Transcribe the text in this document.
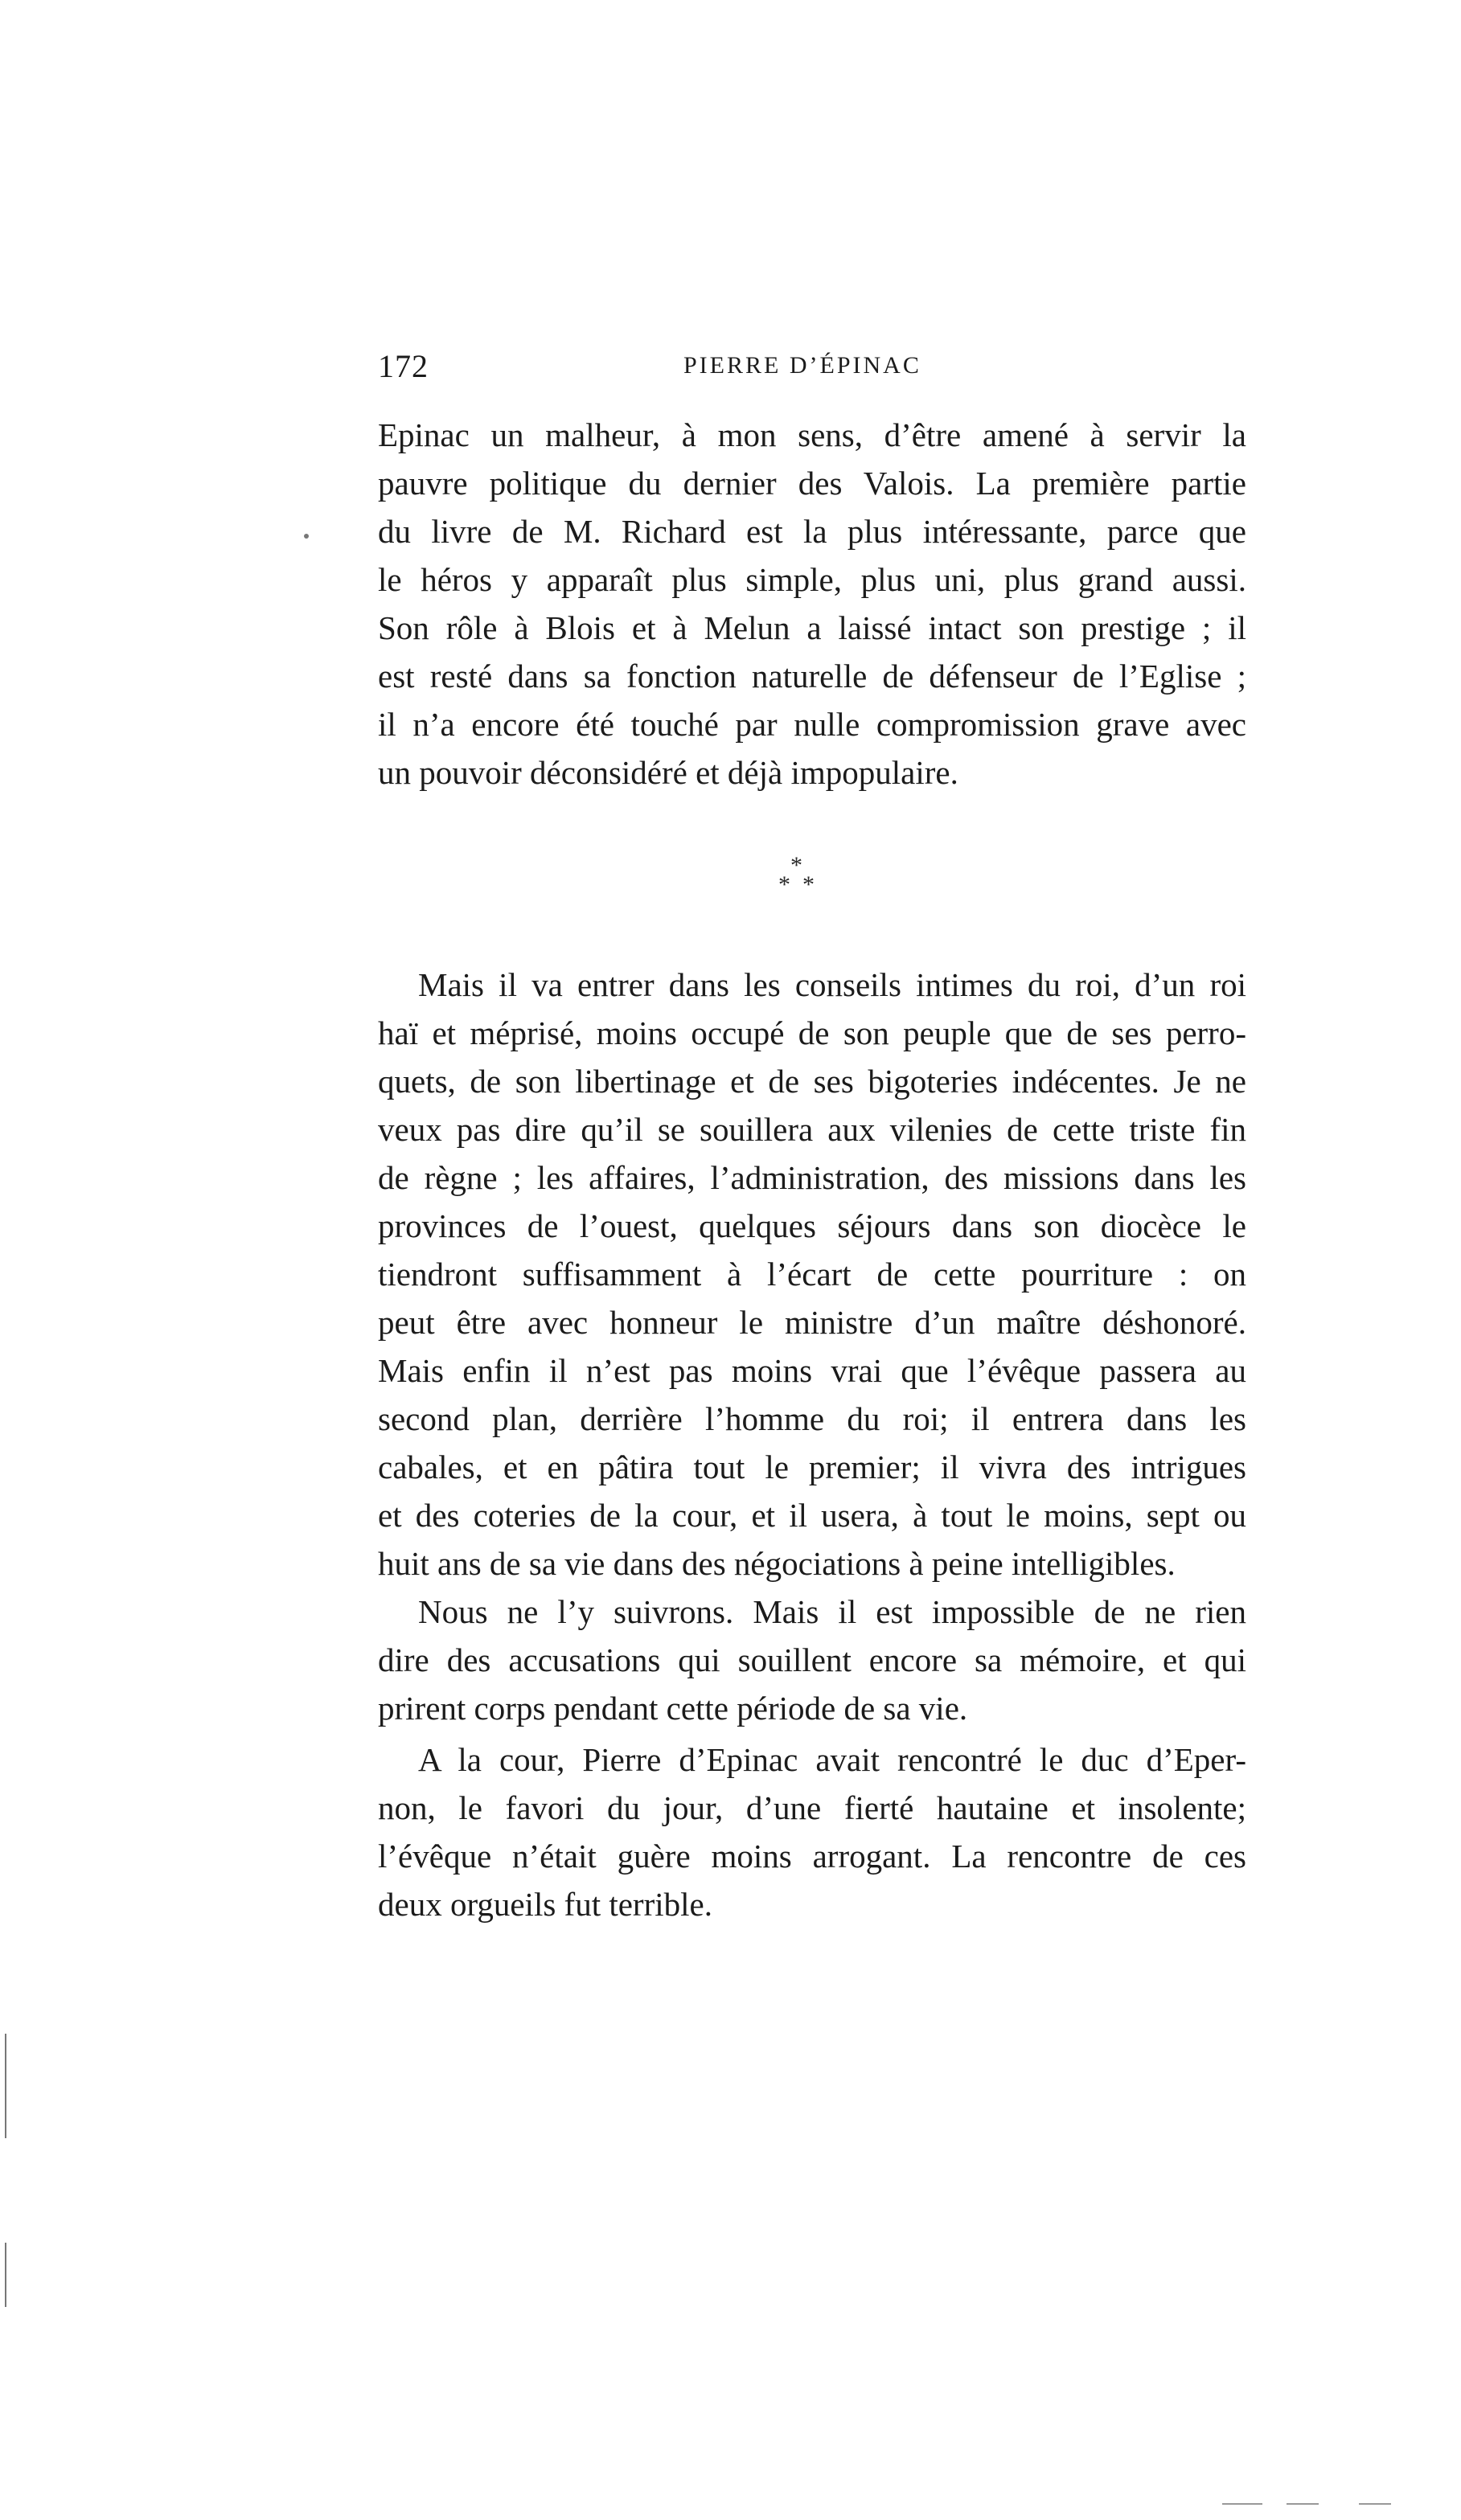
172	PIERRE D’ÉPINAC
Epinac un malheur, à mon sens, d’être amené à servir la
pauvre politique du dernier des Valois. La première partie
du livre de M. Richard est la plus intéressante, parce que
le héros y apparaît plus simple, plus uni, plus grand aussi.
Son rôle à Blois et à Melun a laissé intact son prestige ; il
est resté dans sa fonction naturelle de défenseur de l’Eglise ;
il n’a encore été touché par nulle compromission grave avec
un pouvoir déconsidéré et déjà impopulaire.
*
* *
Mais il va entrer dans les conseils intimes du roi, d’un roi
haï et méprisé, moins occupé de son peuple que de ses perro-
quets, de son libertinage et de ses bigoteries indécentes. Je ne
veux pas dire qu’il se souillera aux vilenies de cette triste fin
de règne ; les affaires, l’administration, des missions dans les
provinces de l’ouest, quelques séjours dans son diocèce le
tiendront suffisamment à l’écart de cette pourriture : on
peut être avec honneur le ministre d’un maître déshonoré.
Mais enfin il n’est pas moins vrai que l’évêque passera au
second plan, derrière l’homme du roi; il entrera dans les
cabales, et en pâtira tout le premier; il vivra des intrigues
et des coteries de la cour, et il usera, à tout le moins, sept ou
huit ans de sa vie dans des négociations à peine intelligibles.
Nous ne l’y suivrons. Mais il est impossible de ne rien
dire des accusations qui souillent encore sa mémoire, et qui
prirent corps pendant cette période de sa vie.
A la cour, Pierre d’Epinac avait rencontré le duc d’Eper-
non, le favori du jour, d’une fierté hautaine et insolente;
l’évêque n’était guère moins arrogant. La rencontre de ces
deux orgueils fut terrible.
